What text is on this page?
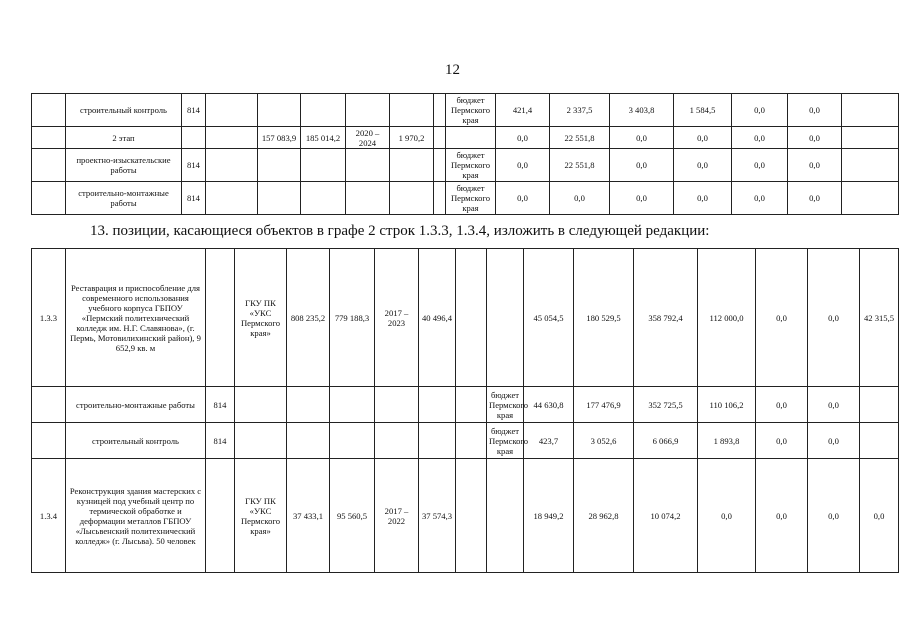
12
	строительный контроль	814							бюджет Пермского края	421,4	2 337,5	3 403,8	1 584,5	0,0	0,0	
	2 этап			157 083,9	185 014,2	2020 – 2024	1 970,2			0,0	22 551,8	0,0	0,0	0,0	0,0	
	проектно-изыскательские работы	814							бюджет Пермского края	0,0	22 551,8	0,0	0,0	0,0	0,0	
	строительно-монтажные работы	814							бюджет Пермского края	0,0	0,0	0,0	0,0	0,0	0,0	
13. позиции, касающиеся объектов в графе 2 строк 1.3.3, 1.3.4, изложить в следующей редакции:
1.3.3	Реставрация и приспособление для современного использования учебного корпуса ГБПОУ «Пермский политехнический колледж им. Н.Г. Славянова», (г. Пермь, Мотовилихинский район), 9 652,9 кв. м		ГКУ ПК «УКС Пермского края»	808 235,2	779 188,3	2017 – 2023	40 496,4			45 054,5	180 529,5	358 792,4	112 000,0	0,0	0,0	42 315,5
	строительно-монтажные работы	814							бюджет Пермского края	44 630,8	177 476,9	352 725,5	110 106,2	0,0	0,0	
	строительный контроль	814							бюджет Пермского края	423,7	3 052,6	6 066,9	1 893,8	0,0	0,0	
1.3.4	Реконструкция здания мастерских с кузницей под учебный центр по термической обработке и деформации металлов ГБПОУ «Лысьвенский политехнический колледж» (г. Лысьва). 50 человек		ГКУ ПК «УКС Пермского края»	37 433,1	95 560,5	2017 – 2022	37 574,3			18 949,2	28 962,8	10 074,2	0,0	0,0	0,0	0,0
